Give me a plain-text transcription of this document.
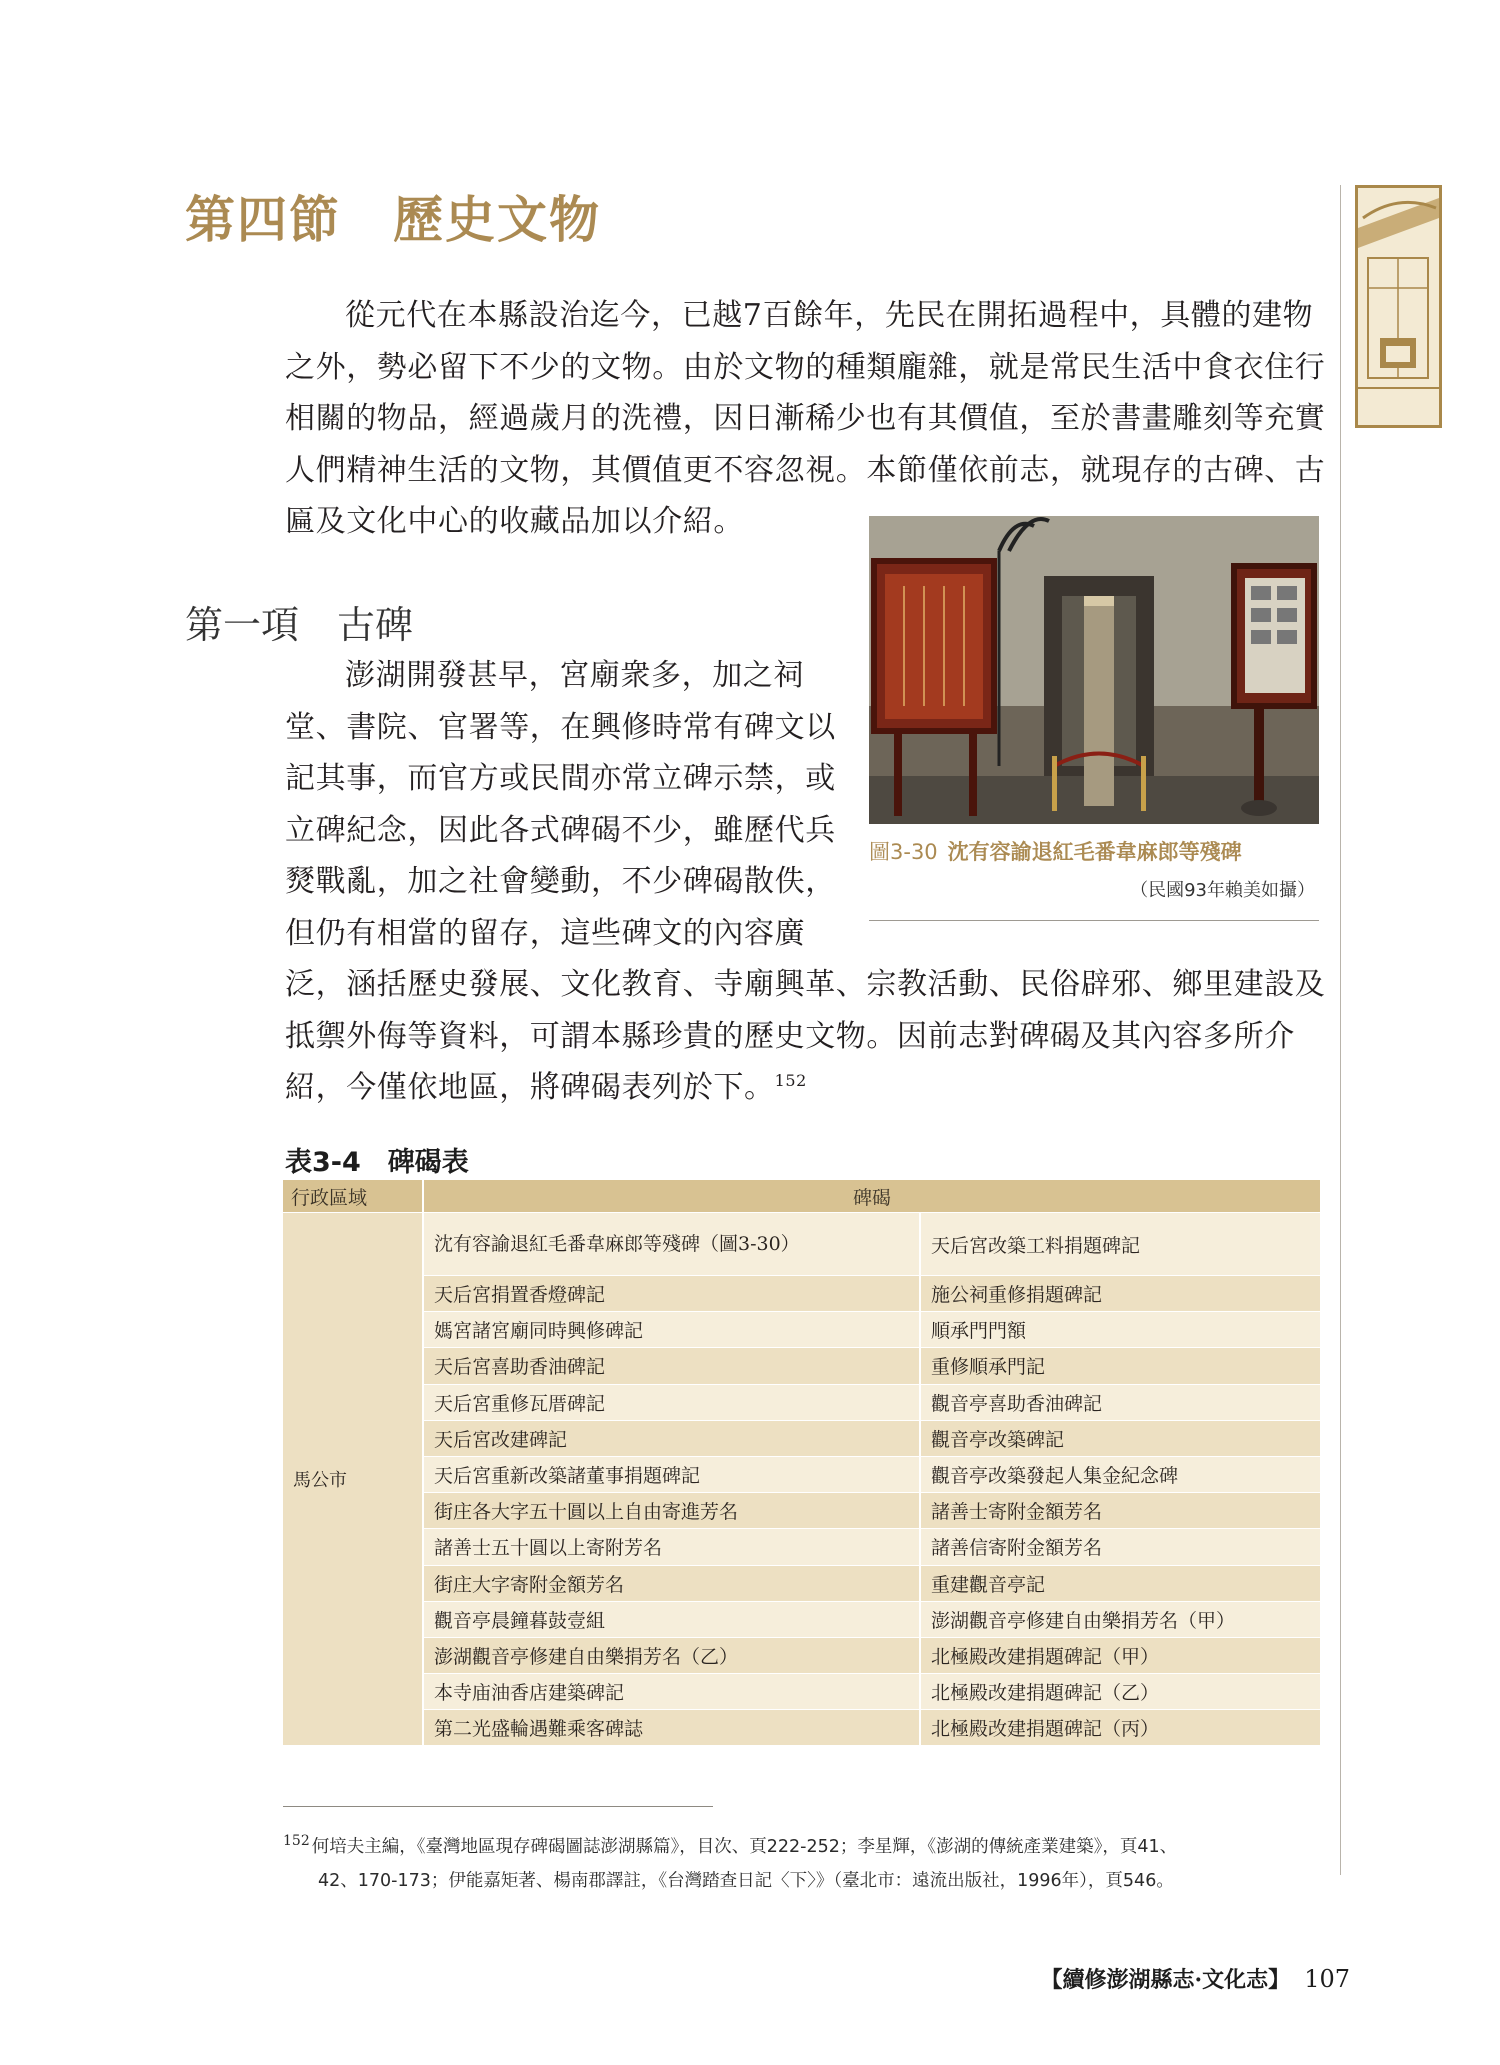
第四節　歷史文物
從元代在本縣設治迄今，已越7百餘年，先民在開拓過程中，具體的建物
之外，勢必留下不少的文物。由於文物的種類龐雜，就是常民生活中食衣住行
相關的物品，經過歲月的洗禮，因日漸稀少也有其價值，至於書畫雕刻等充實
人們精神生活的文物，其價值更不容忽視。本節僅依前志，就現存的古碑、古
匾及文化中心的收藏品加以介紹。
第一項　古碑
澎湖開發甚早，宮廟衆多，加之祠
堂、書院、官署等，在興修時常有碑文以
記其事，而官方或民間亦常立碑示禁，或
立碑紀念，因此各式碑碣不少，雖歷代兵
燹戰亂，加之社會變動，不少碑碣散佚，
但仍有相當的留存，這些碑文的內容廣
泛，涵括歷史發展、文化教育、寺廟興革、宗教活動、民俗辟邪、鄉里建設及
抵禦外侮等資料，可謂本縣珍貴的歷史文物。因前志對碑碣及其內容多所介
紹，今僅依地區，將碑碣表列於下。$^{152}$
圖3-30 沈有容諭退紅毛番韋麻郎等殘碑
（民國93年賴美如攝）
表3-4　碑碣表
行政區域	碑碣	
馬公市	沈有容諭退紅毛番韋麻郎等殘碑（圖3-30）	天后宮改築工料捐題碑記
	天后宮捐置香燈碑記	施公祠重修捐題碑記
	媽宮諸宮廟同時興修碑記	順承門門額
	天后宮喜助香油碑記	重修順承門記
	天后宮重修瓦厝碑記	觀音亭喜助香油碑記
	天后宮改建碑記	觀音亭改築碑記
	天后宮重新改築諸董事捐題碑記	觀音亭改築發起人集金紀念碑
	街庄各大字五十圓以上自由寄進芳名	諸善士寄附金額芳名
	諸善士五十圓以上寄附芳名	諸善信寄附金額芳名
	街庄大字寄附金額芳名	重建觀音亭記
	觀音亭晨鐘暮鼓壹組	澎湖觀音亭修建自由樂捐芳名（甲）
	澎湖觀音亭修建自由樂捐芳名（乙）	北極殿改建捐題碑記（甲）
	本寺庙油香店建築碑記	北極殿改建捐題碑記（乙）
	第二光盛輪遇難乘客碑誌	北極殿改建捐題碑記（丙）
$^{152}$ 何培夫主編，《臺灣地區現存碑碣圖誌澎湖縣篇》，目次、頁222-252；李星輝，《澎湖的傳統產業建築》，頁41、
42、170-173；伊能嘉矩著、楊南郡譯註，《台灣踏查日記〈下〉》（臺北市：遠流出版社，1996年），頁546。
【續修澎湖縣志·文化志】 107
